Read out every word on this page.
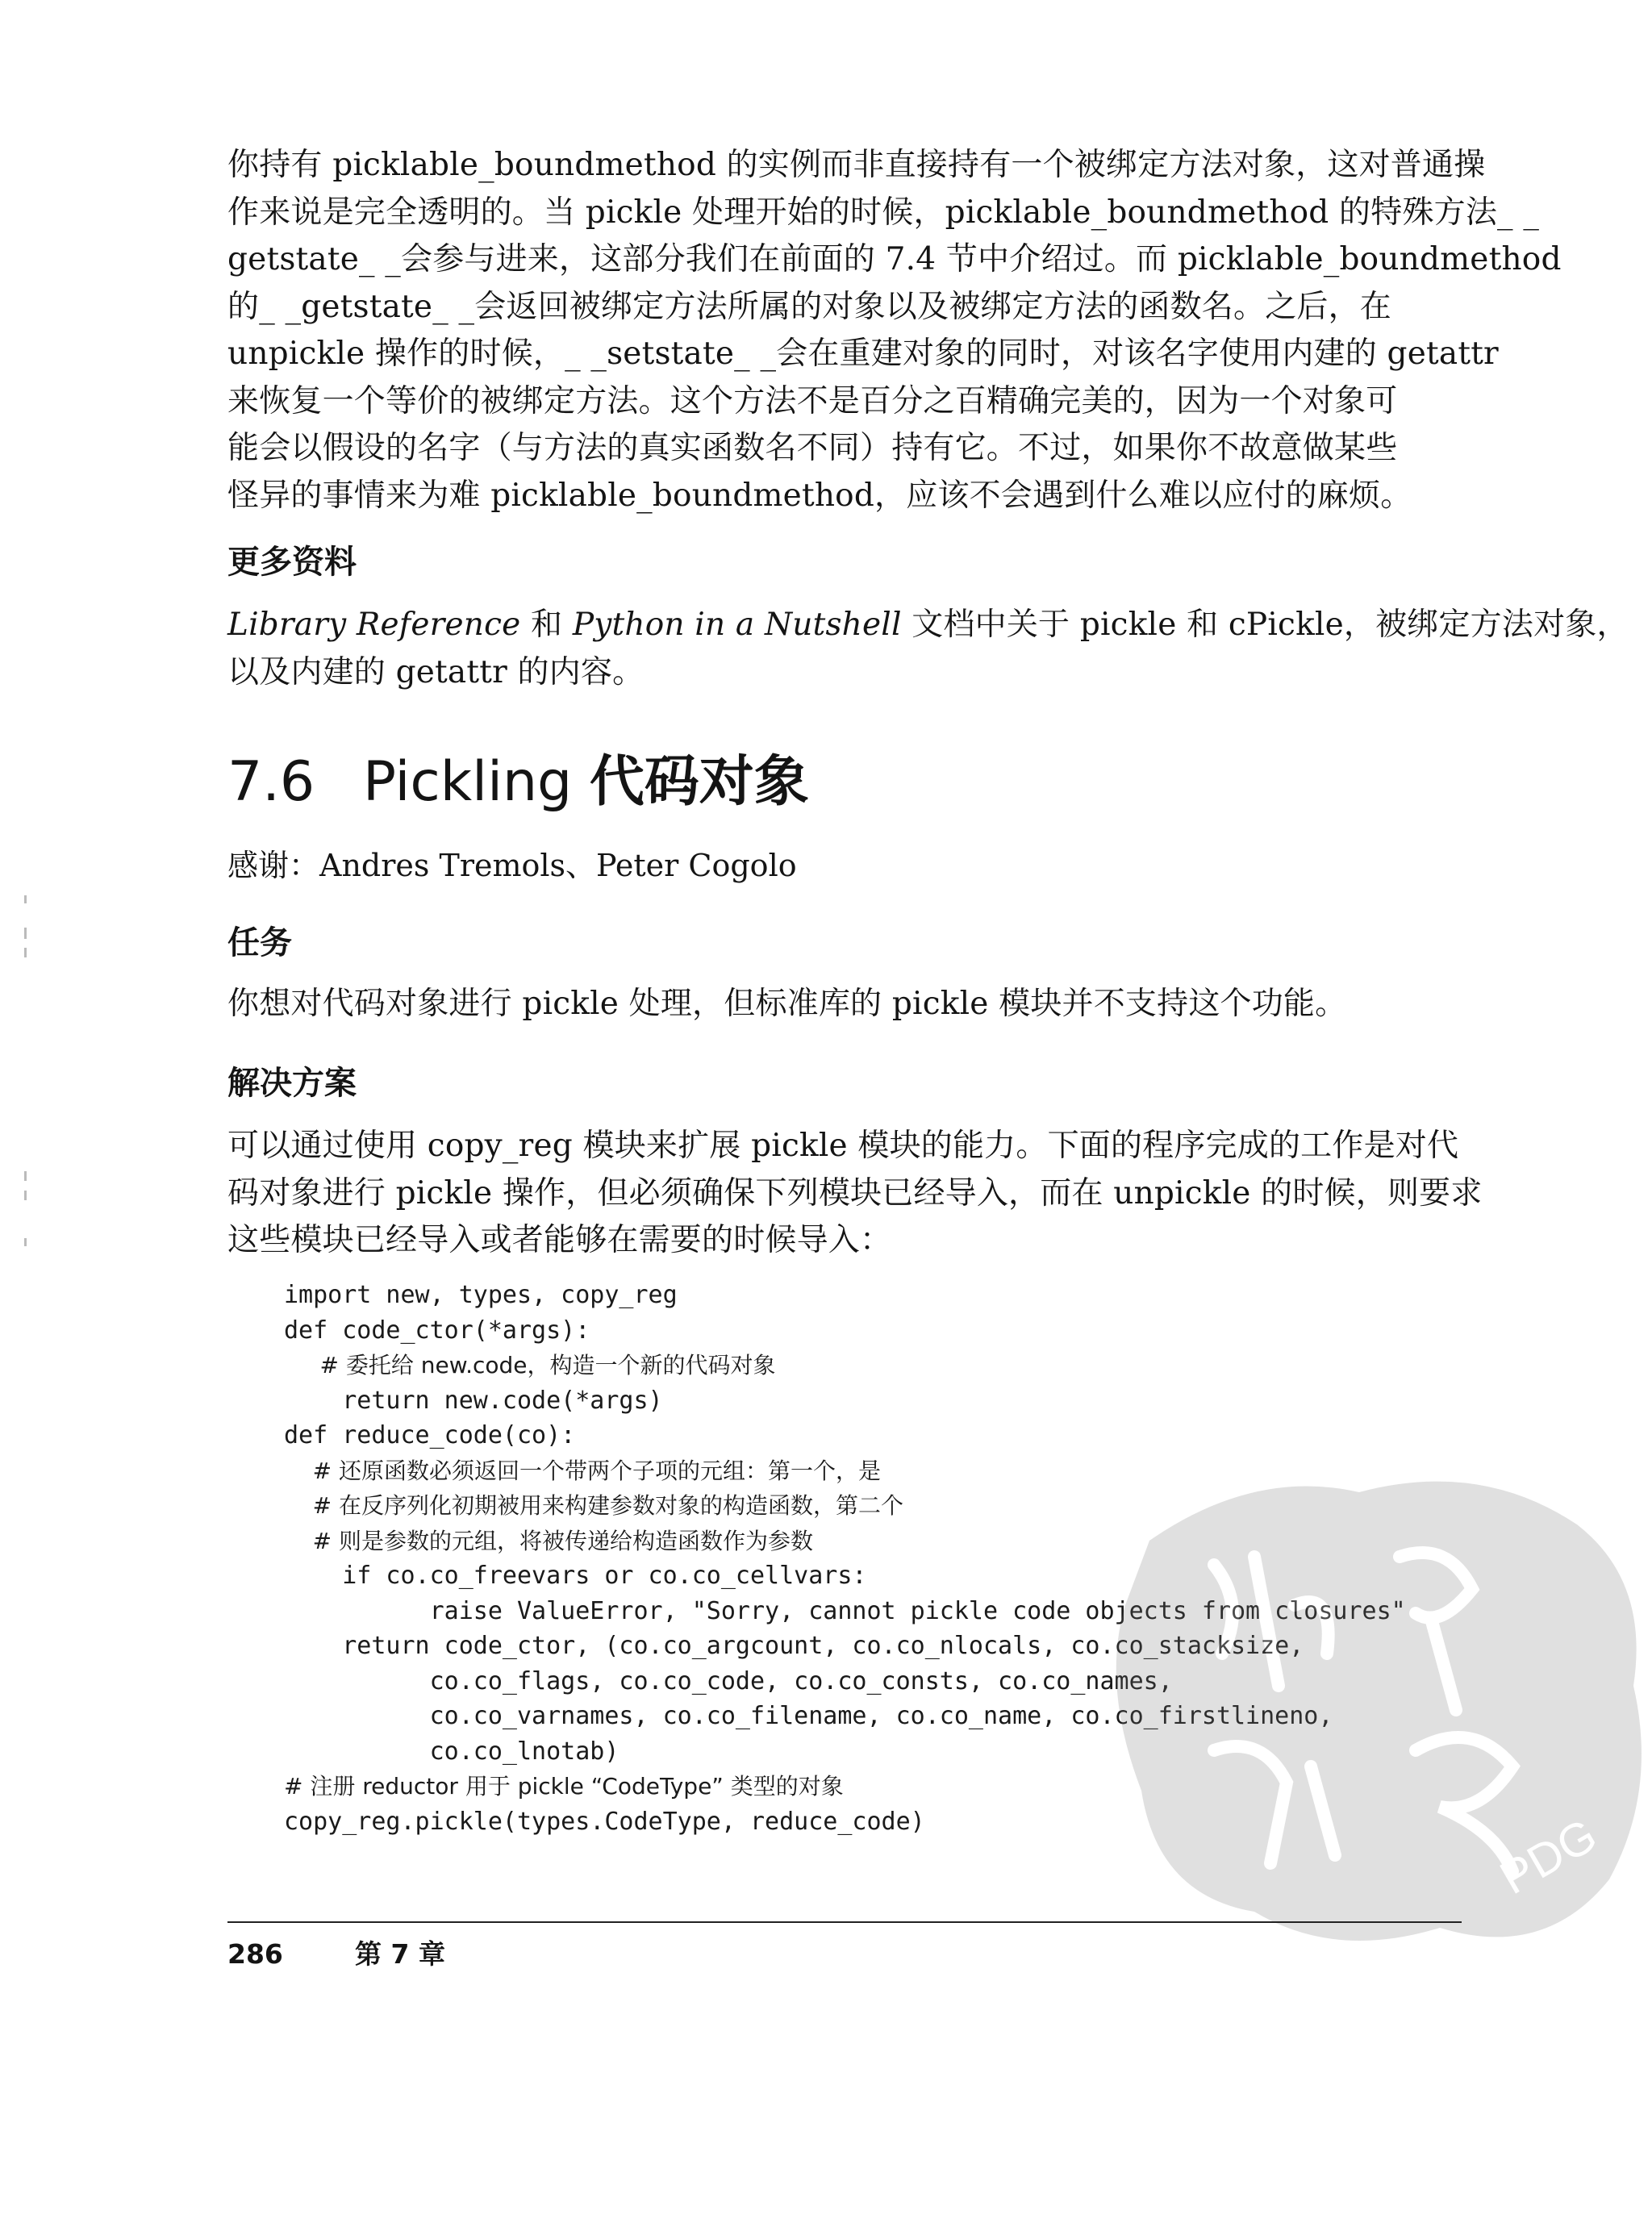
你持有 picklable_boundmethod 的实例而非直接持有一个被绑定方法对象，这对普通操
作来说是完全透明的。当 pickle 处理开始的时候，picklable_boundmethod 的特殊方法_ _
getstate_ _会参与进来，这部分我们在前面的 7.4 节中介绍过。而 picklable_boundmethod
的_ _getstate_ _会返回被绑定方法所属的对象以及被绑定方法的函数名。之后，在
unpickle 操作的时候，_ _setstate_ _会在重建对象的同时，对该名字使用内建的 getattr
来恢复一个等价的被绑定方法。这个方法不是百分之百精确完美的，因为一个对象可
能会以假设的名字（与方法的真实函数名不同）持有它。不过，如果你不故意做某些
怪异的事情来为难 picklable_boundmethod，应该不会遇到什么难以应付的麻烦。
更多资料
Library Reference 和 Python in a Nutshell 文档中关于 pickle 和 cPickle，被绑定方法对象，
以及内建的 getattr 的内容。
7.6 Pickling 代码对象

感谢：Andres Tremols、Peter Cogolo

任务
你想对代码对象进行 pickle 处理，但标准库的 pickle 模块并不支持这个功能。
解决方案
可以通过使用 copy_reg 模块来扩展 pickle 模块的能力。下面的程序完成的工作是对代
码对象进行 pickle 操作，但必须确保下列模块已经导入，而在 unpickle 的时候，则要求
这些模块已经导入或者能够在需要的时候导入：
import new, types, copy_reg
def code_ctor(*args):
# 委托给 new.code，构造一个新的代码对象
return new.code(*args)
def reduce_code(co):
# 还原函数必须返回一个带两个子项的元组：第一个，是
# 在反序列化初期被用来构建参数对象的构造函数，第二个
# 则是参数的元组，将被传递给构造函数作为参数
if co.co_freevars or co.co_cellvars:
raise ValueError, "Sorry, cannot pickle code objects from closures"
return code_ctor, (co.co_argcount, co.co_nlocals, co.co_stacksize,
co.co_flags, co.co_code, co.co_consts, co.co_names,
co.co_varnames, co.co_filename, co.co_name, co.co_firstlineno,
co.co_lnotab)
# 注册 reductor 用于 pickle “CodeType” 类型的对象
copy_reg.pickle(types.CodeType, reduce_code)	PDG

286	第 7 章
